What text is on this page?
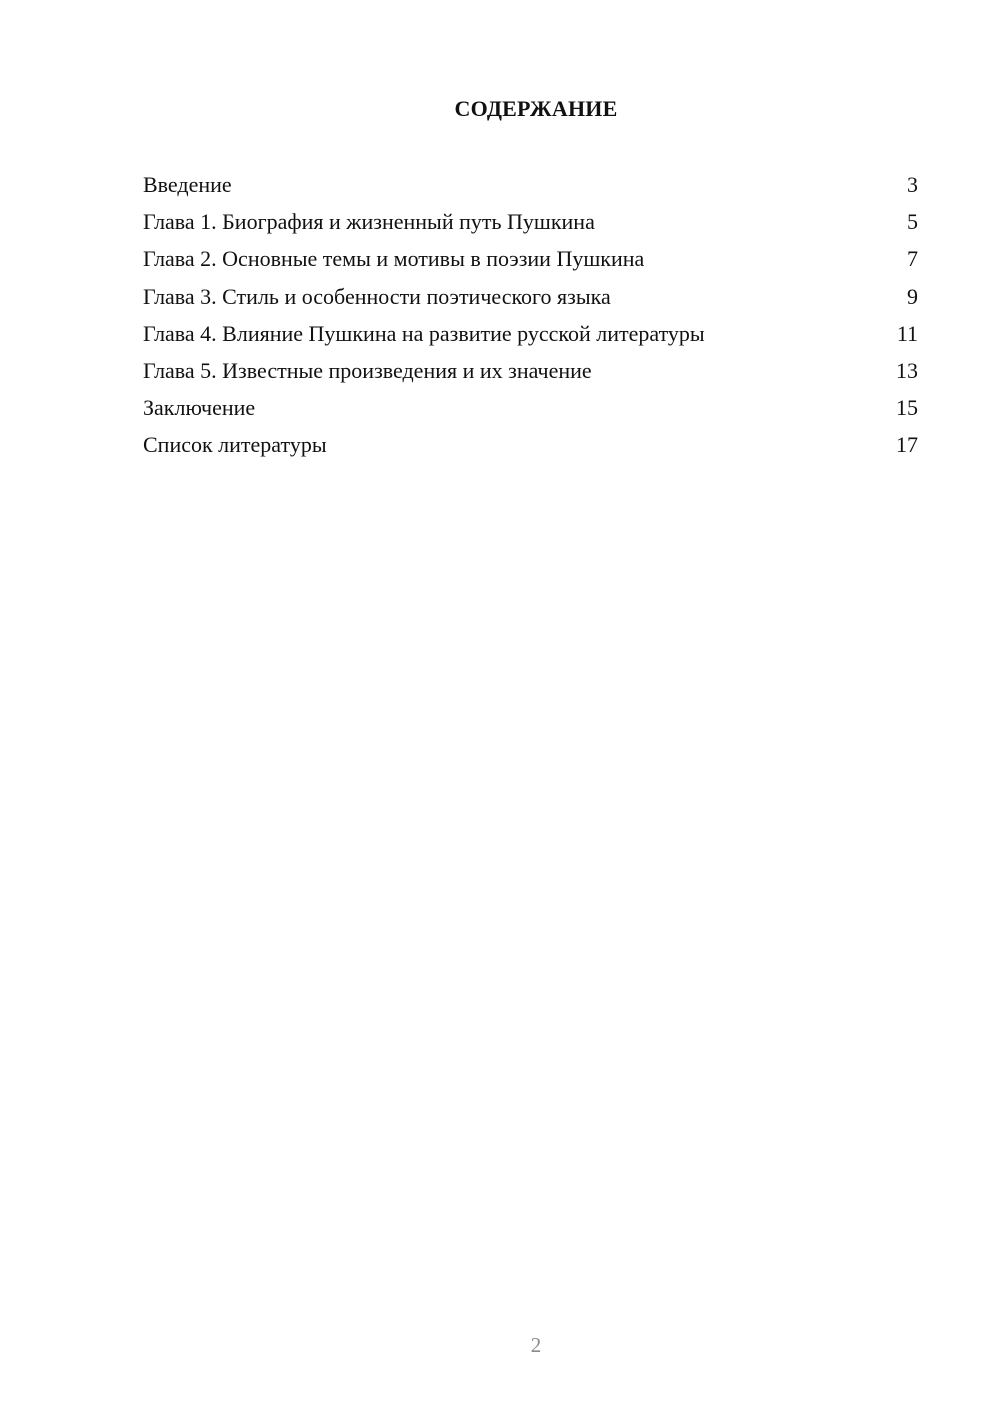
СОДЕРЖАНИЕ
Введение	3
Глава 1. Биография и жизненный путь Пушкина	5
Глава 2. Основные темы и мотивы в поэзии Пушкина	7
Глава 3. Стиль и особенности поэтического языка	9
Глава 4. Влияние Пушкина на развитие русской литературы	11
Глава 5. Известные произведения и их значение	13
Заключение	15
Список литературы	17
2
